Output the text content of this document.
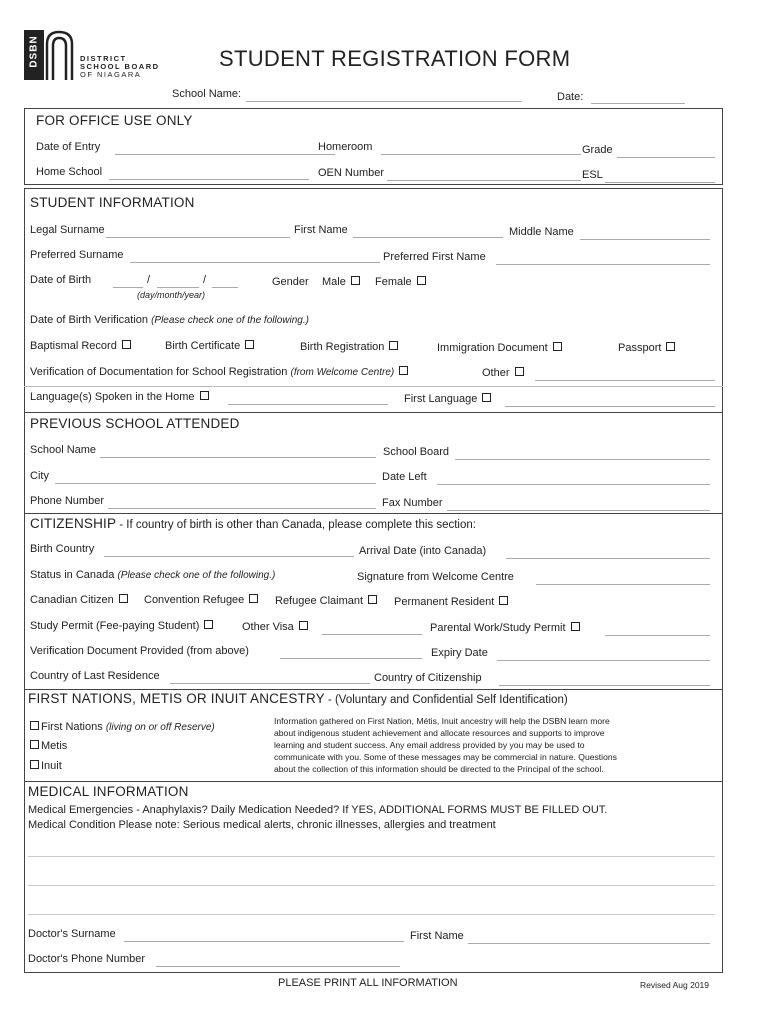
DSBN	DISTRICT
SCHOOL BOARD
OF NIAGARA
STUDENT REGISTRATION FORM
School Name:	Date:
FOR OFFICE USE ONLY
Date of Entry	Homeroom	Grade
Home School	OEN Number	ESL
STUDENT INFORMATION
Legal Surname	First Name	Middle Name
Preferred Surname	Preferred First Name
Date of Birth	/	/
(day/month/year)
Gender Male	Female
Date of Birth Verification (Please check one of the following.)
Baptismal Record	Birth Certificate	Birth Registration	Immigration Document	Passport
Verification of Documentation for School Registration (from Welcome Centre)	Other
Language(s) Spoken in the Home	First Language
PREVIOUS SCHOOL ATTENDED
School Name	School Board
City	Date Left
Phone Number	Fax Number
CITIZENSHIP - If country of birth is other than Canada, please complete this section:
Birth Country	Arrival Date (into Canada)
Status in Canada (Please check one of the following.)	Signature from Welcome Centre
Canadian Citizen	Convention Refugee	Refugee Claimant	Permanent Resident
Study Permit (Fee-paying Student)	Other Visa	Parental Work/Study Permit
Verification Document Provided (from above)	Expiry Date
Country of Last Residence	Country of Citizenship
FIRST NATIONS, METIS OR INUIT ANCESTRY - (Voluntary and Confidential Self Identification)
First Nations (living on or off Reserve)
Metis
Inuit
Information gathered on First Nation, Métis, Inuit ancestry will help the DSBN learn more
about indigenous student achievement and allocate resources and supports to improve
learning and student success. Any email address provided by you may be used to
communicate with you. Some of these messages may be commercial in nature. Questions
about the collection of this information should be directed to the Principal of the school.
MEDICAL INFORMATION
Medical Emergencies - Anaphylaxis? Daily Medication Needed? If YES, ADDITIONAL FORMS MUST BE FILLED OUT.
Medical Condition Please note: Serious medical alerts, chronic illnesses, allergies and treatment
Doctor's Surname	First Name
Doctor's Phone Number
PLEASE PRINT ALL INFORMATION	Revised Aug 2019
